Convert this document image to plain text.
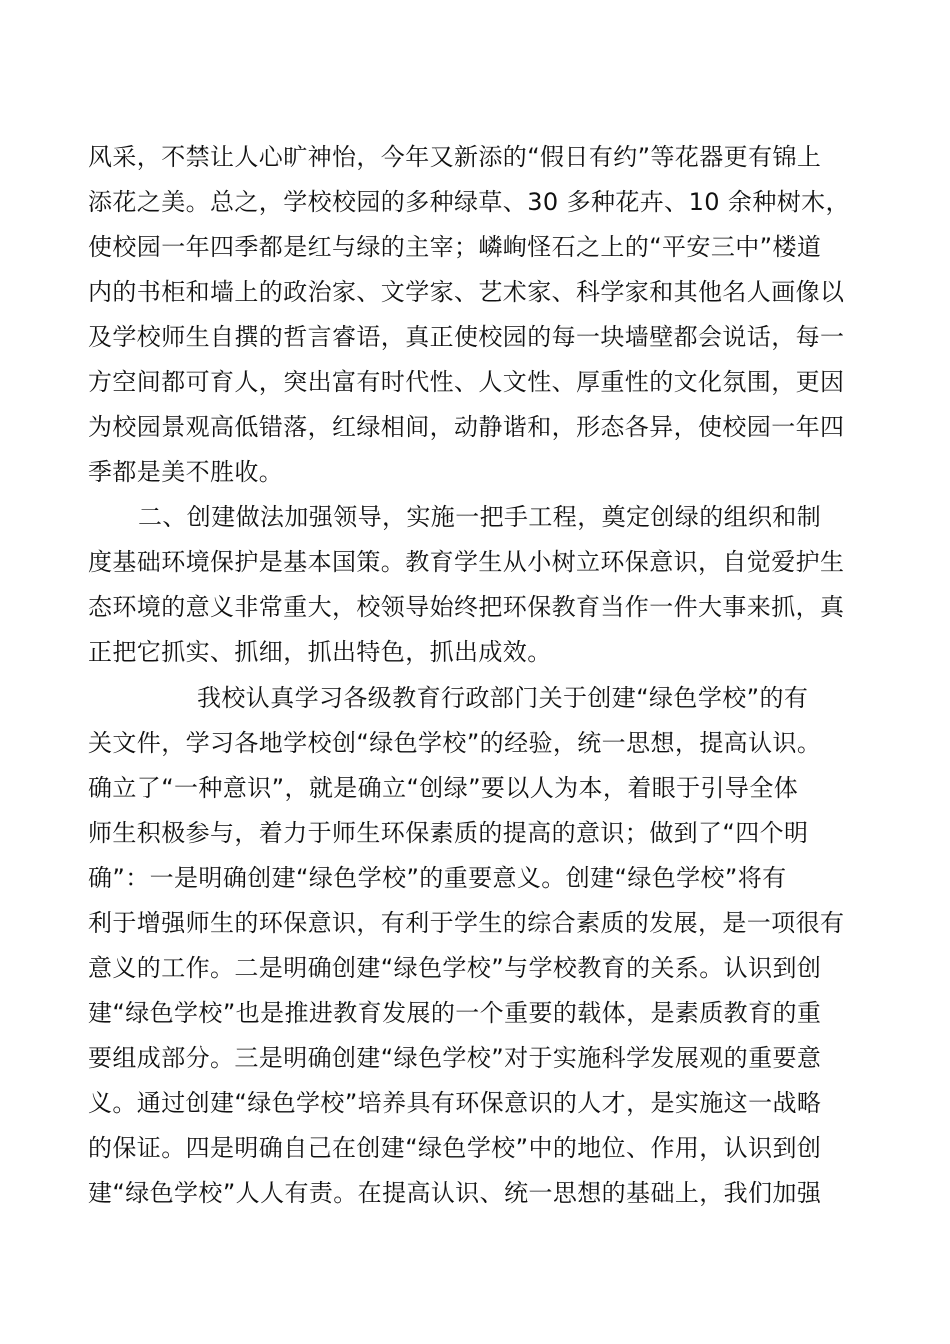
风采，不禁让人心旷神怡，今年又新添的“假日有约”等花器更有锦上
添花之美。总之，学校校园的多种绿草、30 多种花卉、10 余种树木，
使校园一年四季都是红与绿的主宰；嶙峋怪石之上的“平安三中”楼道
内的书柜和墙上的政治家、文学家、艺术家、科学家和其他名人画像以
及学校师生自撰的哲言睿语，真正使校园的每一块墙壁都会说话，每一
方空间都可育人，突出富有时代性、人文性、厚重性的文化氛围，更因
为校园景观高低错落，红绿相间，动静谐和，形态各异，使校园一年四
季都是美不胜收。
二、创建做法加强领导，实施一把手工程，奠定创绿的组织和制
度基础环境保护是基本国策。教育学生从小树立环保意识，自觉爱护生
态环境的意义非常重大，校领导始终把环保教育当作一件大事来抓，真
正把它抓实、抓细，抓出特色，抓出成效。
我校认真学习各级教育行政部门关于创建“绿色学校”的有
关文件，学习各地学校创“绿色学校”的经验，统一思想，提高认识。
确立了“一种意识”，就是确立“创绿”要以人为本，着眼于引导全体
师生积极参与，着力于师生环保素质的提高的意识；做到了“四个明
确”：一是明确创建“绿色学校”的重要意义。创建“绿色学校”将有
利于增强师生的环保意识，有利于学生的综合素质的发展，是一项很有
意义的工作。二是明确创建“绿色学校”与学校教育的关系。认识到创
建“绿色学校”也是推进教育发展的一个重要的载体，是素质教育的重
要组成部分。三是明确创建“绿色学校”对于实施科学发展观的重要意
义。通过创建“绿色学校”培养具有环保意识的人才，是实施这一战略
的保证。四是明确自己在创建“绿色学校”中的地位、作用，认识到创
建“绿色学校”人人有责。在提高认识、统一思想的基础上，我们加强
